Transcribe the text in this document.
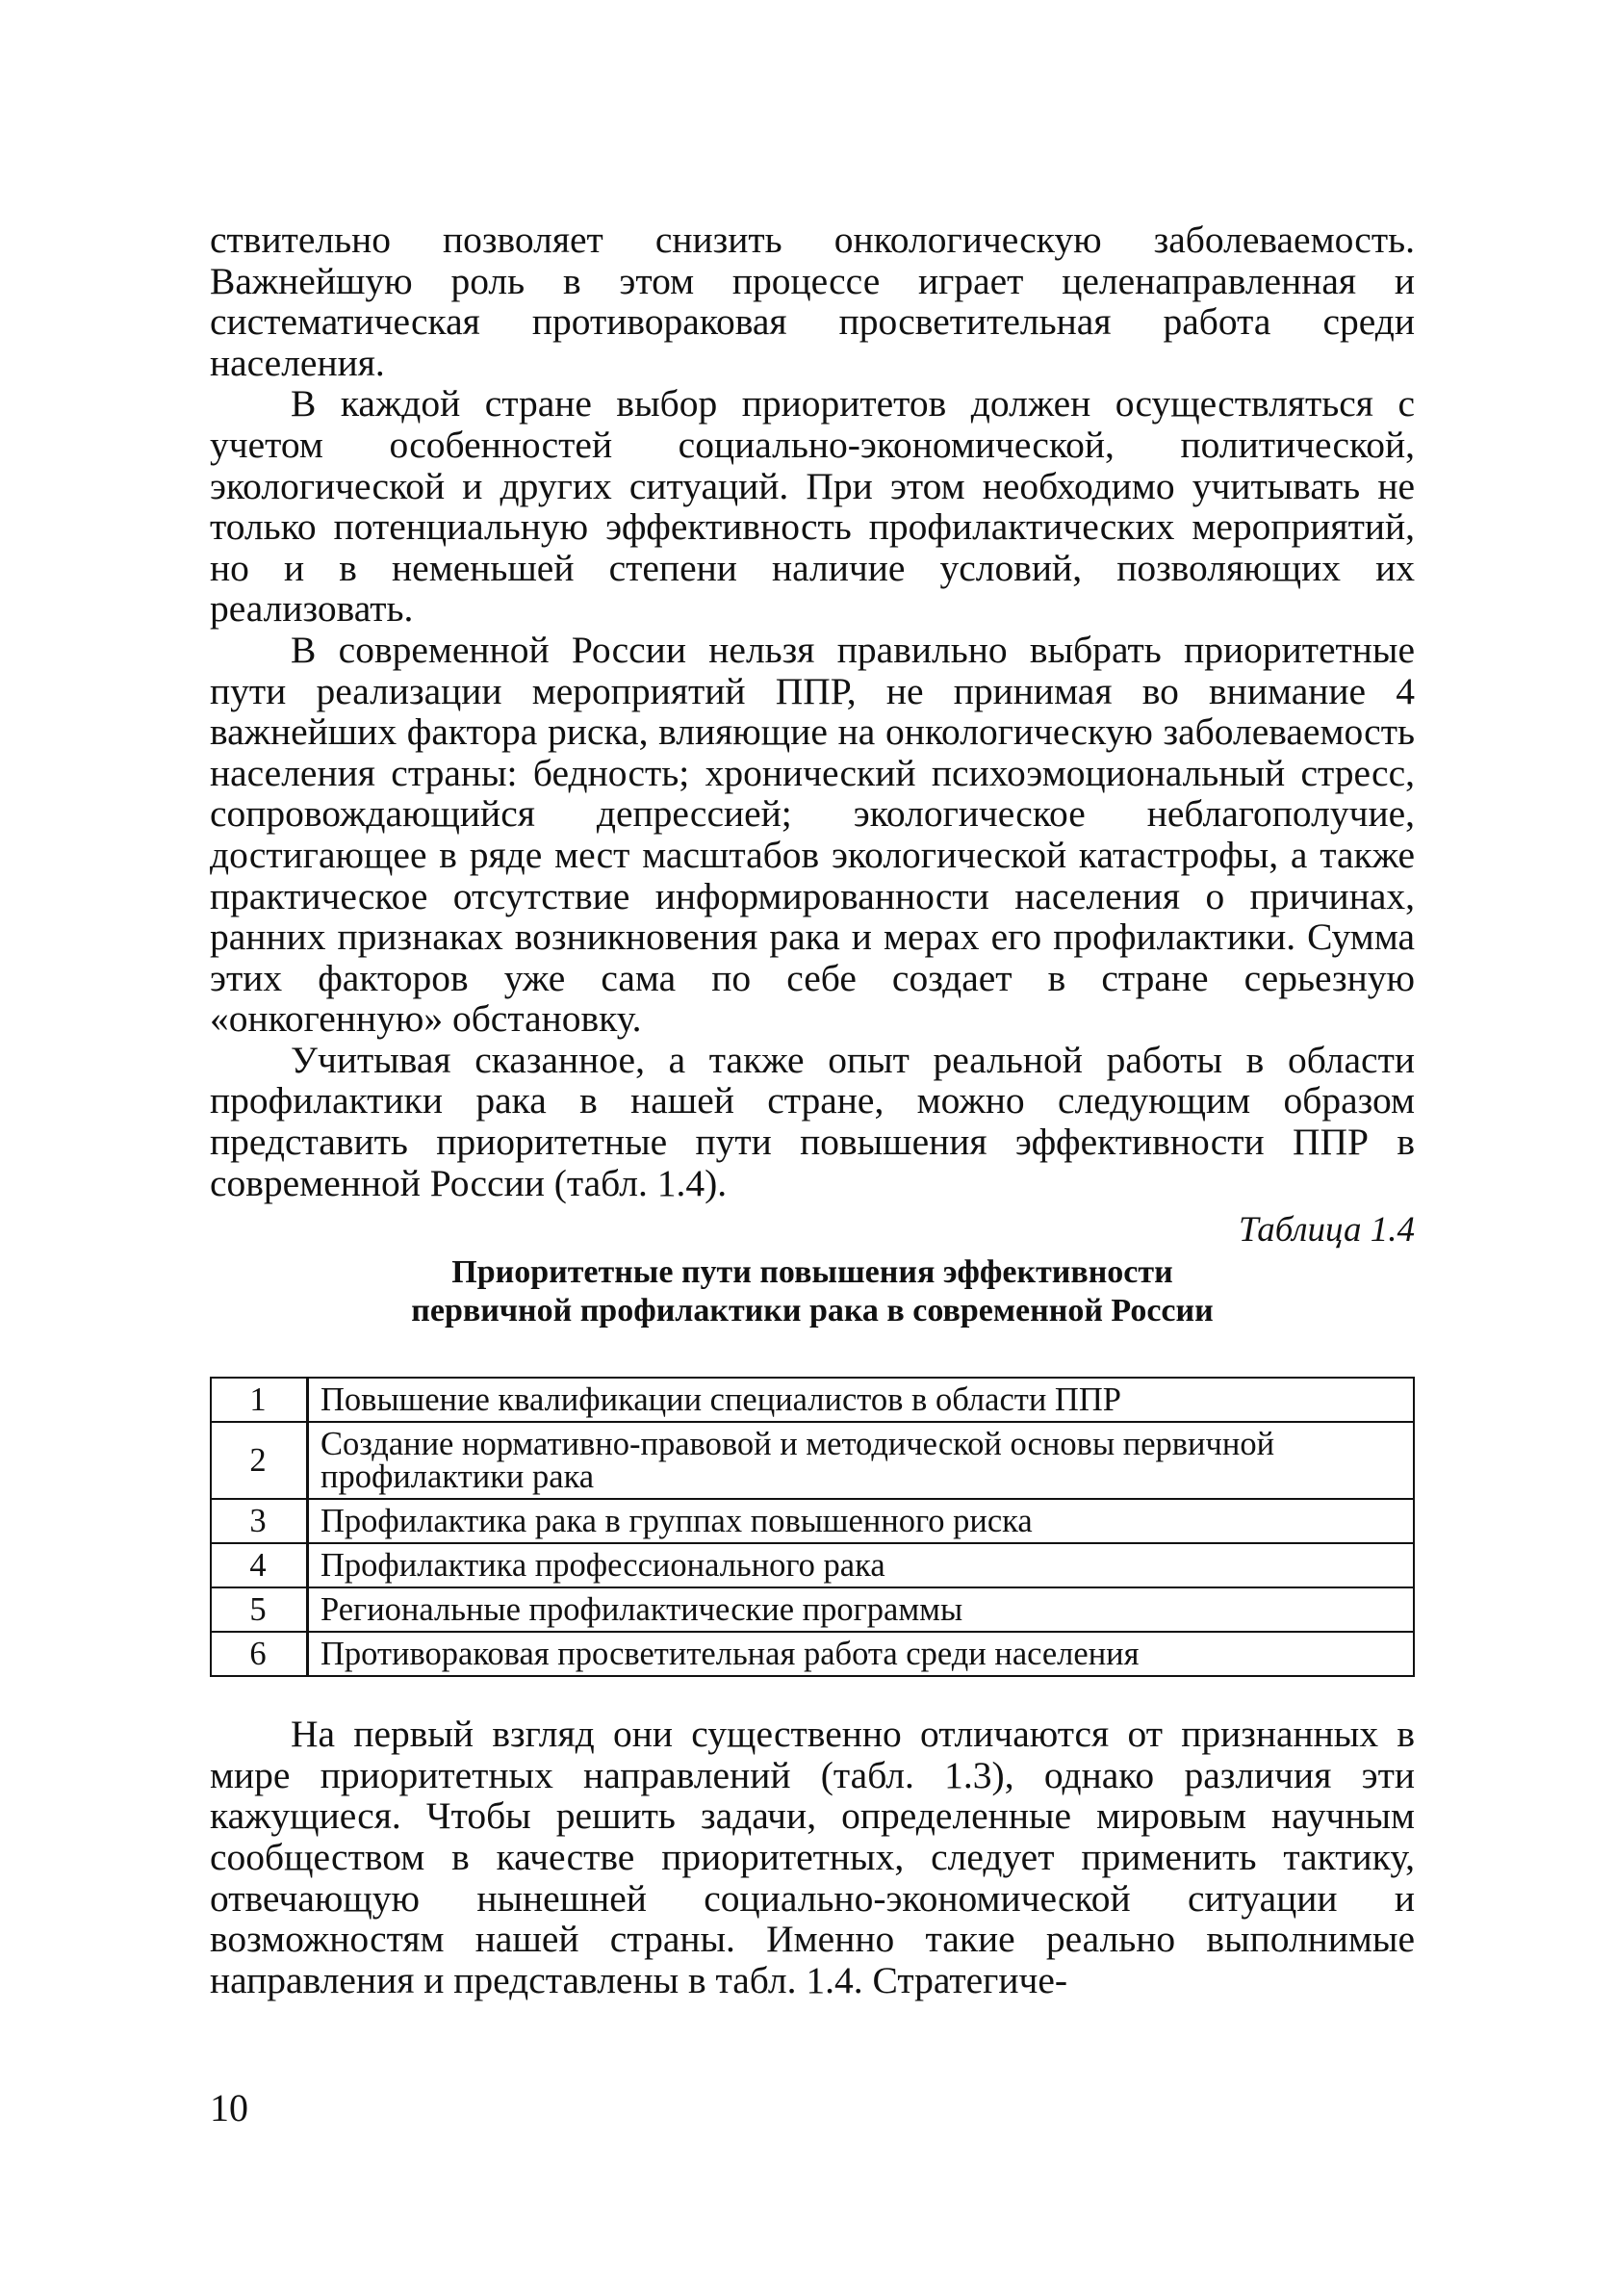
ствительно позволяет снизить онкологическую заболеваемость. Важнейшую роль в этом процессе играет целенаправленная и систематическая противораковая просветительная работа среди населения.

В каждой стране выбор приоритетов должен осуществляться с учетом особенностей социально-экономической, политической, экологической и других ситуаций. При этом необходимо учитывать не только потенциальную эффективность профилактических мероприятий, но и в неменьшей степени наличие условий, позволяющих их реализовать.

В современной России нельзя правильно выбрать приоритетные пути реализации мероприятий ППР, не принимая во внимание 4 важнейших фактора риска, влияющие на онкологическую заболеваемость населения страны: бедность; хронический психоэмоциональный стресс, сопровождающийся депрессией; экологическое неблагополучие, достигающее в ряде мест масштабов экологической катастрофы, а также практическое отсутствие информированности населения о причинах, ранних признаках возникновения рака и мерах его профилактики. Сумма этих факторов уже сама по себе создает в стране серьезную «онкогенную» обстановку.

Учитывая сказанное, а также опыт реальной работы в области профилактики рака в нашей стране, можно следующим образом представить приоритетные пути повышения эффективности ППР в современной России (табл. 1.4).

Таблица 1.4
Приоритетные пути повышения эффективности
первичной профилактики рака в современной России
1	Повышение квалификации специалистов в области ППР
2	Создание нормативно-правовой и методической основы первичной профилактики рака
3	Профилактика рака в группах повышенного риска
4	Профилактика профессионального рака
5	Региональные профилактические программы
6	Противораковая просветительная работа среди населения

На первый взгляд они существенно отличаются от признанных в мире приоритетных направлений (табл. 1.3), однако различия эти кажущиеся. Чтобы решить задачи, определенные мировым научным сообществом в качестве приоритетных, следует применить тактику, отвечающую нынешней социально-экономической ситуации и возможностям нашей страны. Именно такие реально выполнимые направления и представлены в табл. 1.4. Стратегиче-

10
